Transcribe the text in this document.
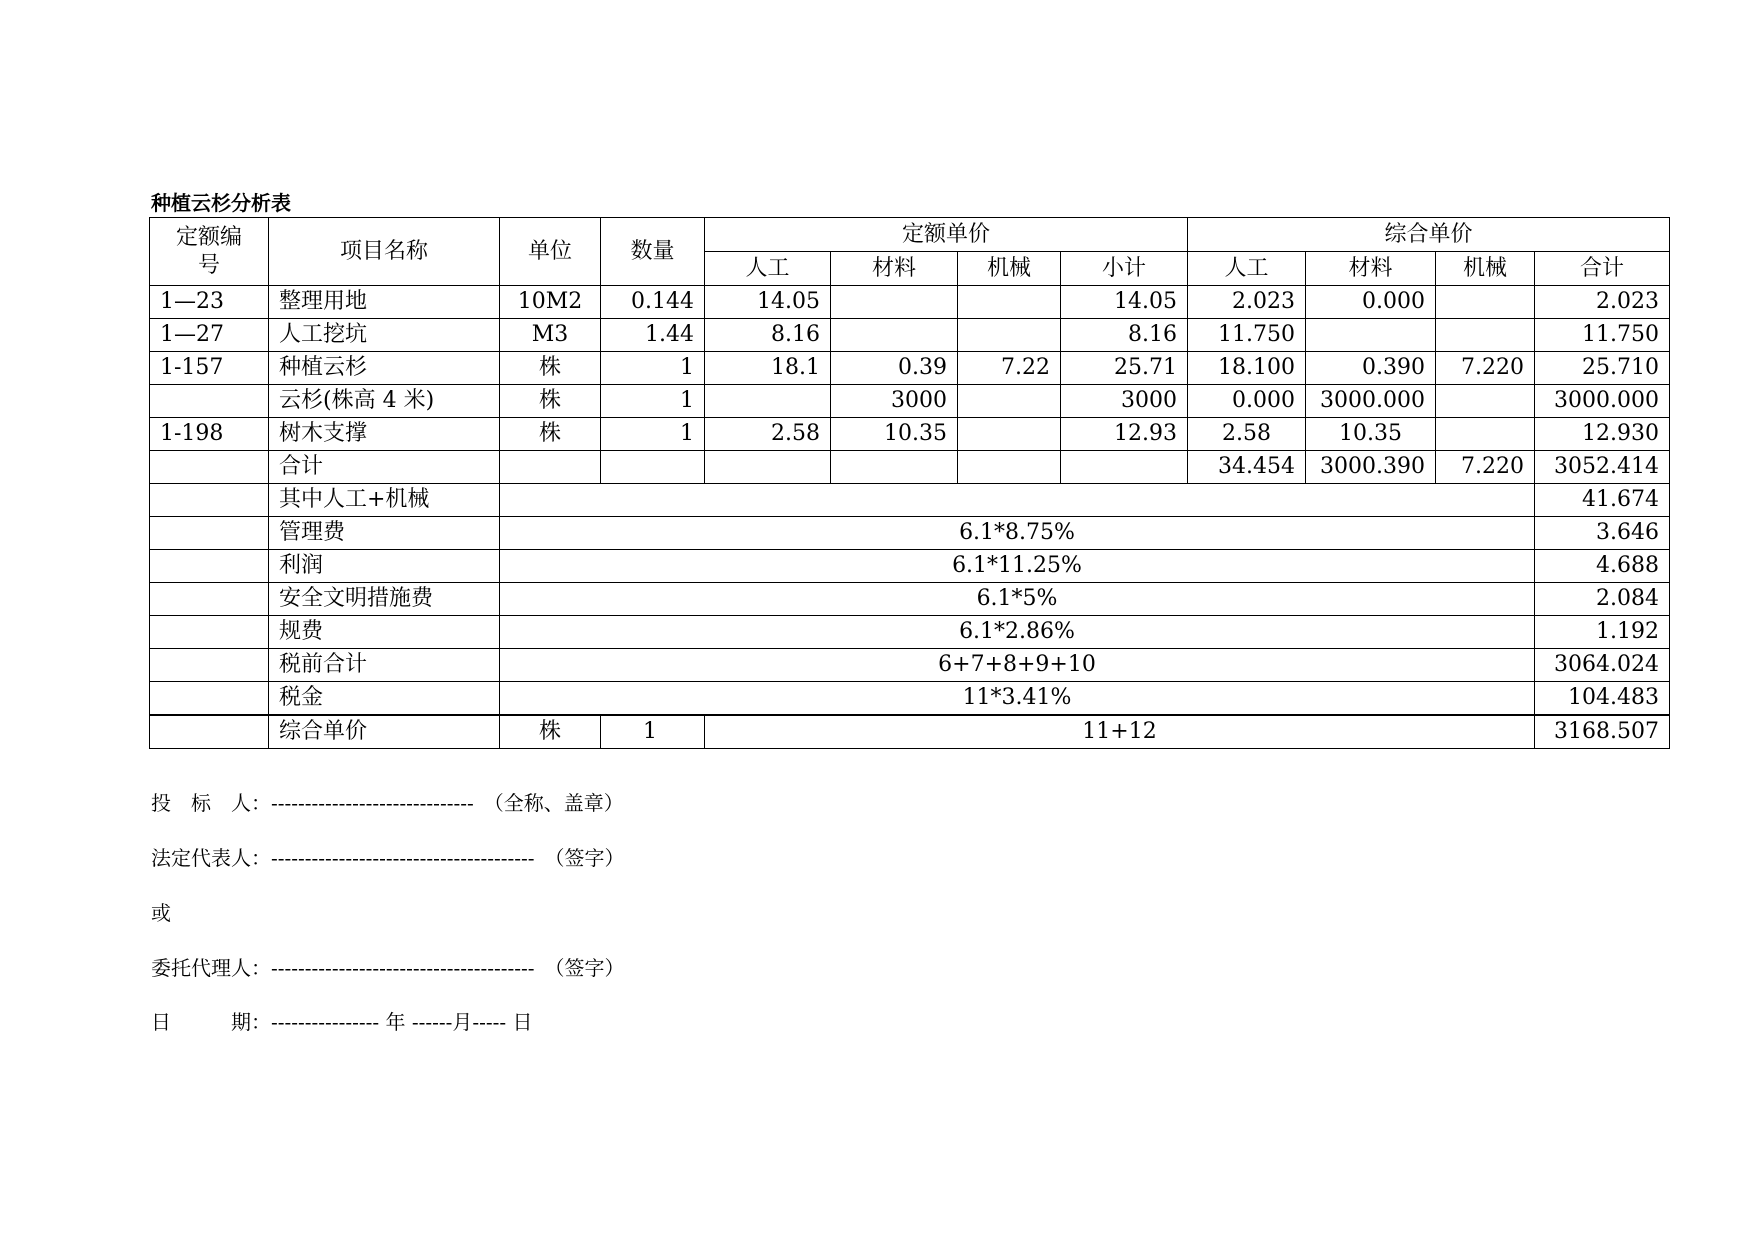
种植云杉分析表
定额编
号	项目名称	单位	数量	定额单价				综合单价			
				人工	材料	机械	小计	人工	材料	机械	合计
1—23	整理用地	10M2	0.144	14.05			14.05	2.023	0.000		2.023
1—27	人工挖坑	M3	1.44	8.16			8.16	11.750			11.750
1-157	种植云杉	株	1	18.1	0.39	7.22	25.71	18.100	0.390	7.220	25.710
	云杉(株高 4 米)	株	1		3000		3000	0.000	3000.000		3000.000
1-198	树木支撑	株	1	2.58	10.35		12.93	2.58	10.35		12.930
	合计							34.454	3000.390	7.220	3052.414
	其中人工+机械										41.674
	管理费	6.1*8.75%									3.646
	利润	6.1*11.25%									4.688
	安全文明措施费	6.1*5%									2.084
	规费	6.1*2.86%									1.192
	税前合计	6+7+8+9+10									3064.024
	税金	11*3.41%									104.483
	综合单价	株	1	11+12							3168.507
投　标　人：------------------------------　（全称、盖章）
法定代表人：---------------------------------------　（签字）
或
委托代理人：---------------------------------------　（签字）
日　　　期：---------------- 年 ------月----- 日
